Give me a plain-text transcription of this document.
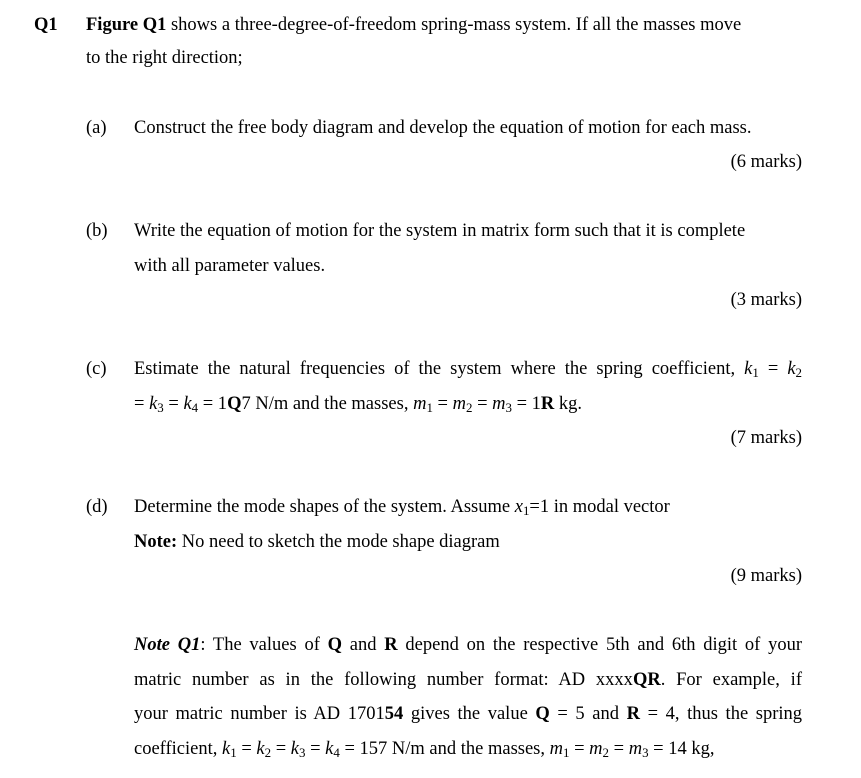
Q1 Figure Q1 shows a three-degree-of-freedom spring-mass system. If all the masses move
to the right direction;
(a) Construct the free body diagram and develop the equation of motion for each mass.
(6 marks)
(b) Write the equation of motion for the system in matrix form such that it is complete
with all parameter values.
(3 marks)
(c) Estimate the natural frequencies of the system where the spring coefficient, $k_1 = k_2$
= $k_3 = k_4 = 1Q7$ N/m and the masses, $m_1 = m_2 = m_3 = 1R$ kg.
(7 marks)
(d) Determine the mode shapes of the system. Assume $x_1=1$ in modal vector
Note: No need to sketch the mode shape diagram
(9 marks)
Note Q1: The values of Q and R depend on the respective 5th and 6th digit of your
matric number as in the following number format: AD xxxxQR. For example, if
your matric number is AD 170154 gives the value Q = 5 and R = 4, thus the spring
coefficient, $k_1 = k_2 = k_3 = k_4 = 157$ N/m and the masses, $m_1 = m_2 = m_3 = 14$ kg,
